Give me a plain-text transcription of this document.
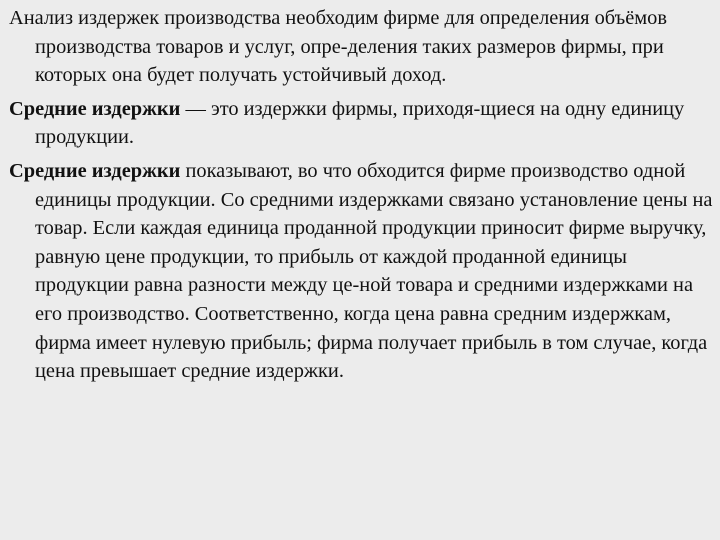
Анализ издержек производства необходим фирме для определения объёмов производства товаров и услуг, опре-деления таких размеров фирмы, при которых она будет получать устойчивый доход.

Средние издержки — это издержки фирмы, приходя-щиеся на одну единицу продукции.

Средние издержки показывают, во что обходится фирме производство одной единицы продукции. Со средними издержками связано установление цены на товар. Если каждая единица проданной продукции приносит фирме выручку, равную цене продукции, то прибыль от каждой проданной единицы продукции равна разности между це-ной товара и средними издержками на его производство. Соответственно, когда цена равна средним издержкам, фирма имеет нулевую прибыль; фирма получает прибыль в том случае, когда цена превышает средние издержки.
